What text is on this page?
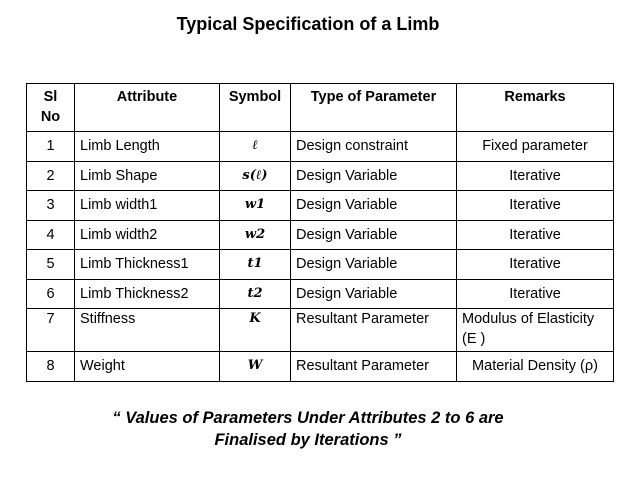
Typical Specification of a Limb
Sl No	Attribute	Symbol	Type of Parameter	Remarks
1	Limb Length	ℓ	Design constraint	Fixed parameter
2	Limb Shape	s(ℓ)	Design Variable	Iterative
3	Limb width1	w1	Design Variable	Iterative
4	Limb width2	w2	Design Variable	Iterative
5	Limb Thickness1	t1	Design Variable	Iterative
6	Limb Thickness2	t2	Design Variable	Iterative
7	Stiffness	K	Resultant Parameter	Modulus of Elasticity (E )
8	Weight	W	Resultant Parameter	Material Density (ρ)
“ Values of Parameters Under Attributes 2 to 6 are
Finalised by Iterations ”
